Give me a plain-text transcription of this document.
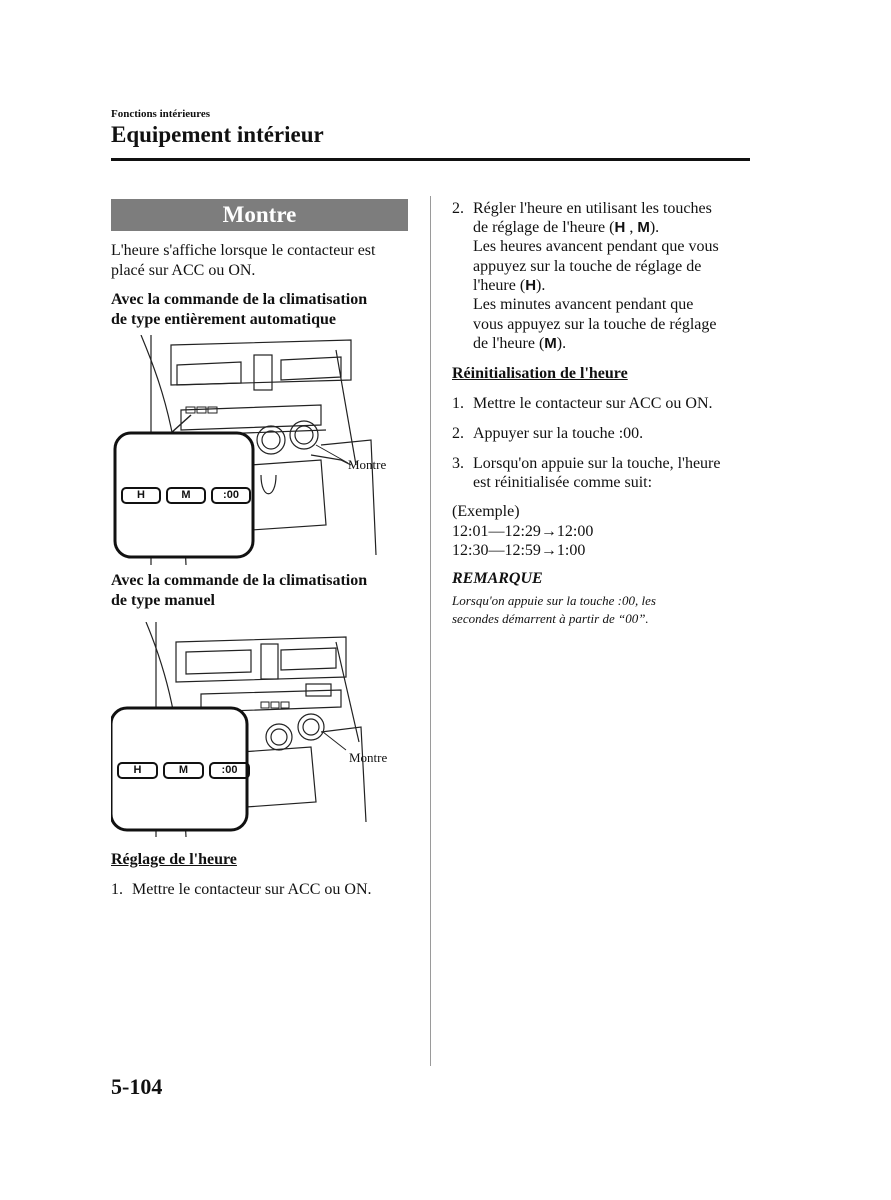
Fonctions intérieures
Equipement intérieur
Montre
L'heure s'affiche lorsque le contacteur est
placé sur ACC ou ON.
Avec la commande de la climatisation
de type entièrement automatique
H	M	:00
Montre
Avec la commande de la climatisation
de type manuel
H	M	:00
Montre
Réglage de l'heure
1. Mettre le contacteur sur ACC ou ON.
2. Régler l'heure en utilisant les touches
de réglage de l'heure (H , M).
Les heures avancent pendant que vous
appuyez sur la touche de réglage de
l'heure (H).
Les minutes avancent pendant que
vous appuyez sur la touche de réglage
de l'heure (M).
Réinitialisation de l'heure
1. Mettre le contacteur sur ACC ou ON.
2. Appuyer sur la touche :00.
3. Lorsqu'on appuie sur la touche, l'heure
est réinitialisée comme suit:
(Exemple)
12:01―12:29→12:00
12:30―12:59→1:00
REMARQUE
Lorsqu'on appuie sur la touche :00, les
secondes démarrent à partir de “00”.
5-104
